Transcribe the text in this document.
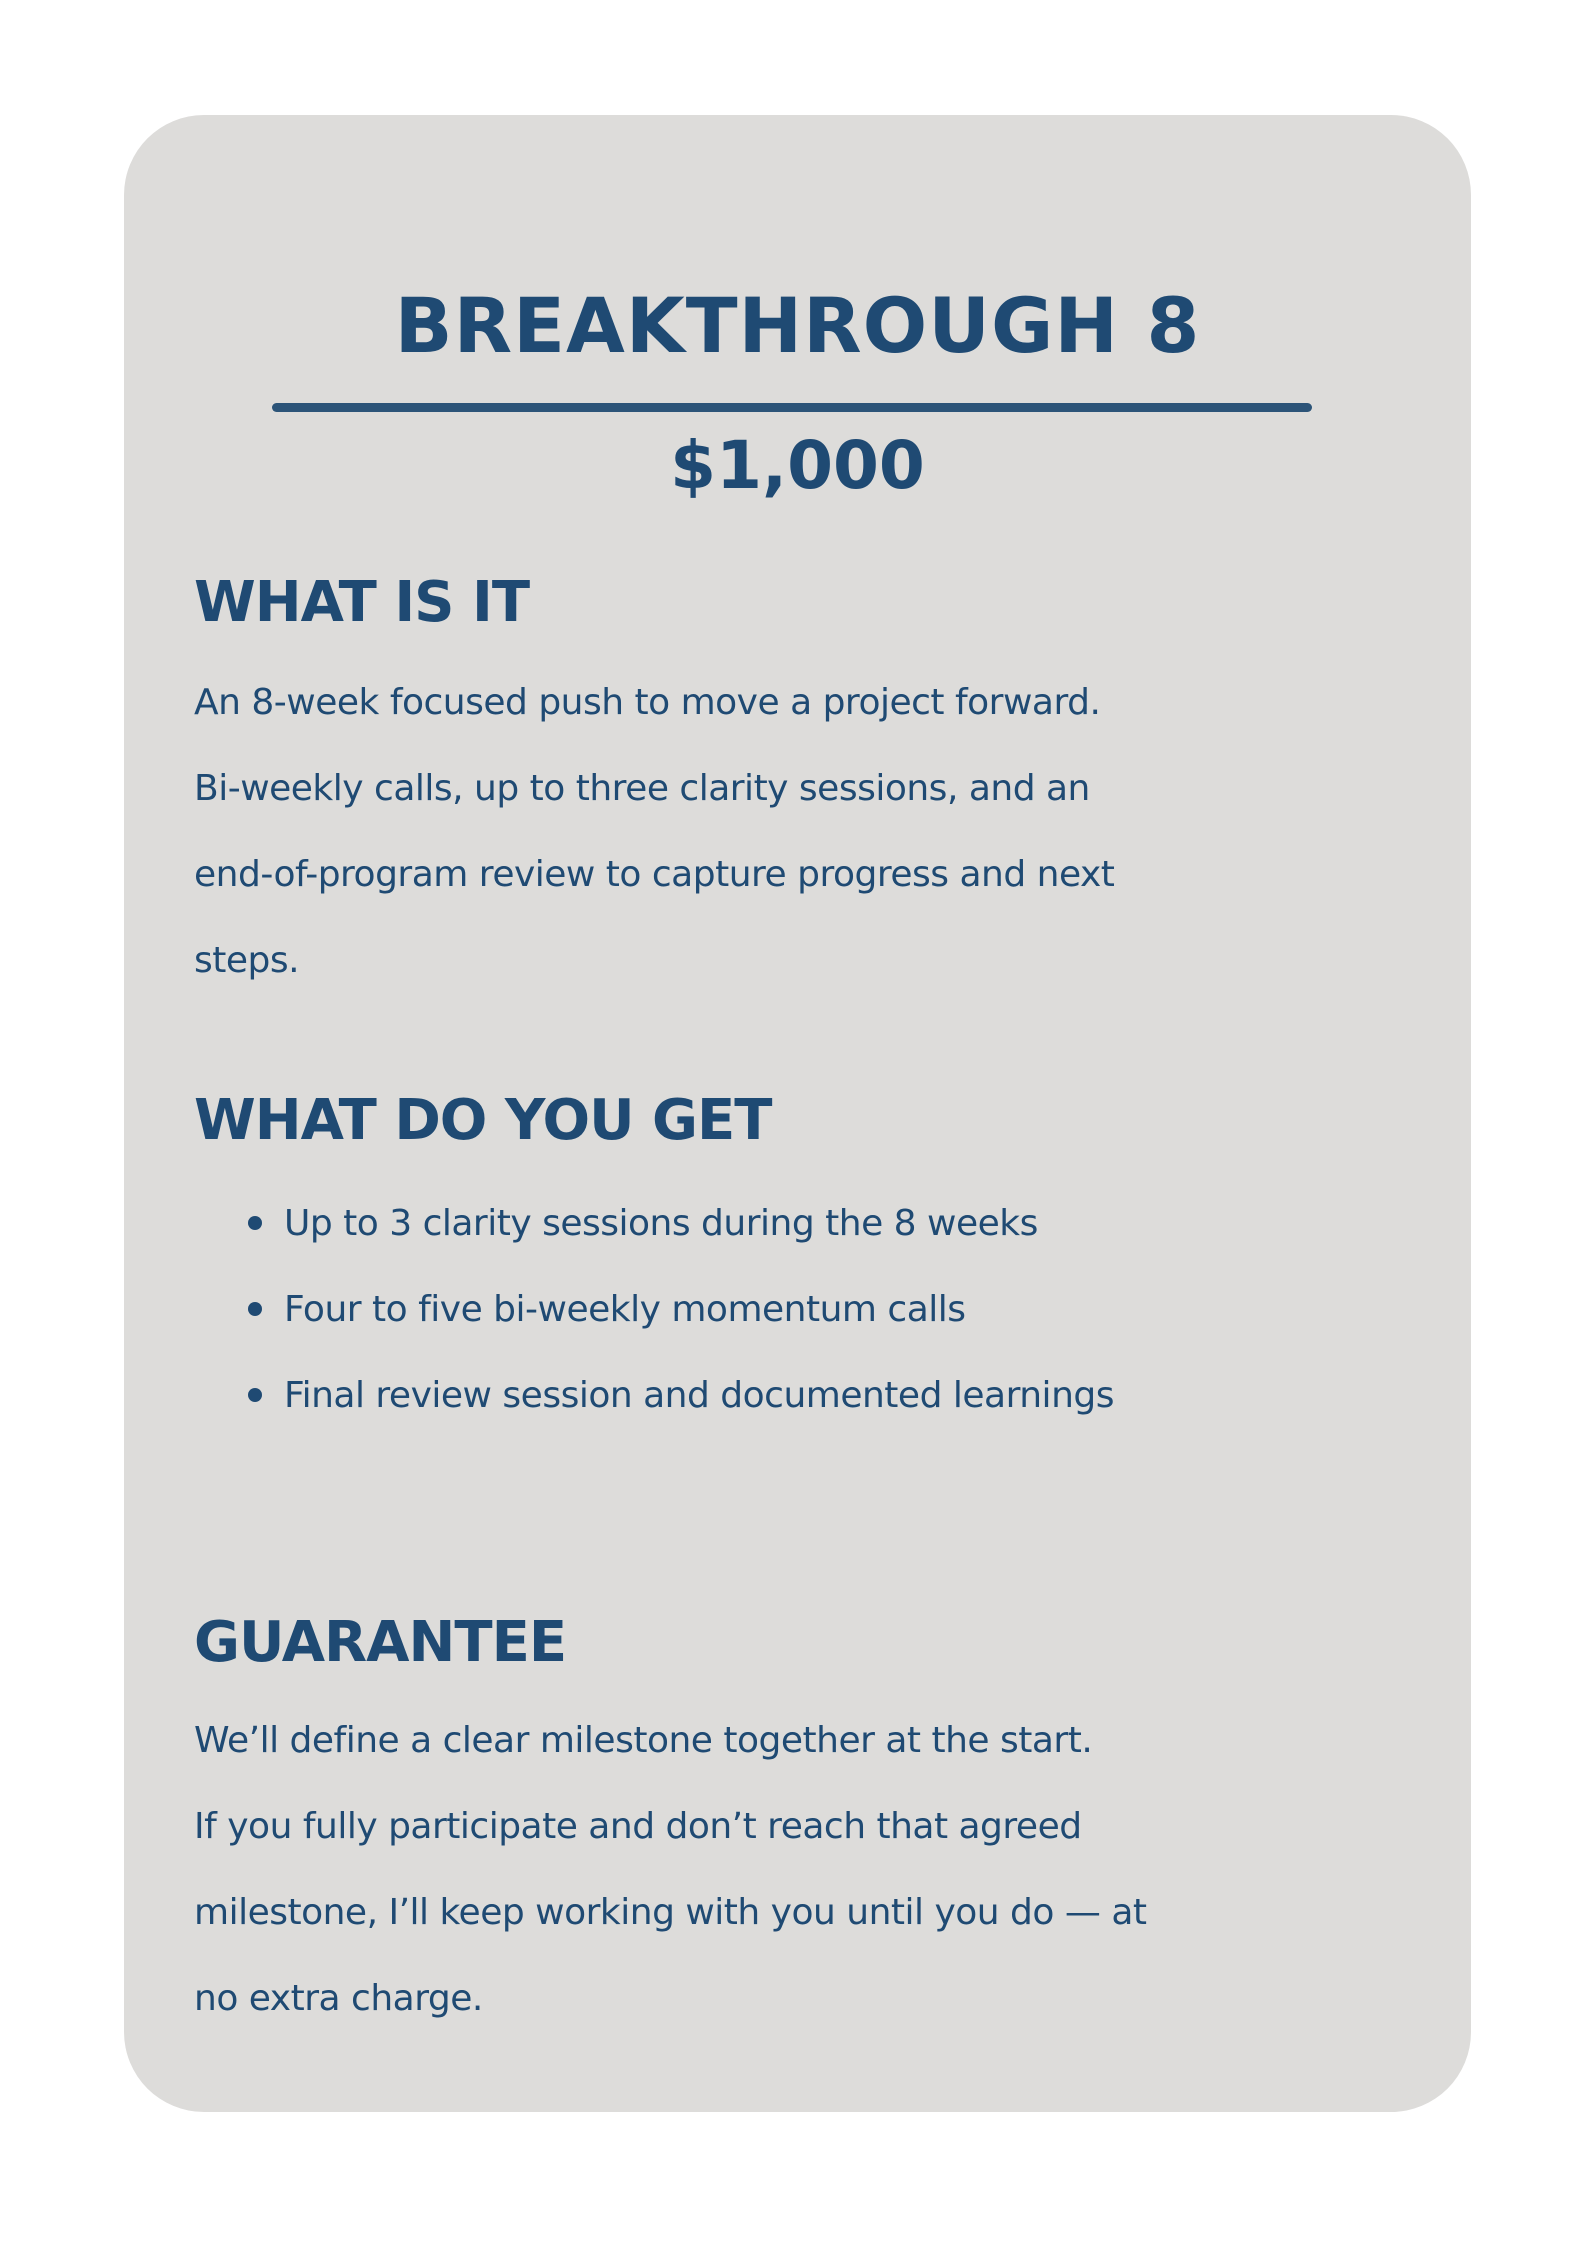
BREAKTHROUGH 8
$1,000
WHAT IS IT
An 8-week focused push to move a project forward.
Bi-weekly calls, up to three clarity sessions, and an
end-of-program review to capture progress and next
steps.
WHAT DO YOU GET
Up to 3 clarity sessions during the 8 weeks
Four to five bi-weekly momentum calls
Final review session and documented learnings
GUARANTEE
We’ll define a clear milestone together at the start.
If you fully participate and don’t reach that agreed
milestone, I’ll keep working with you until you do — at
no extra charge.
